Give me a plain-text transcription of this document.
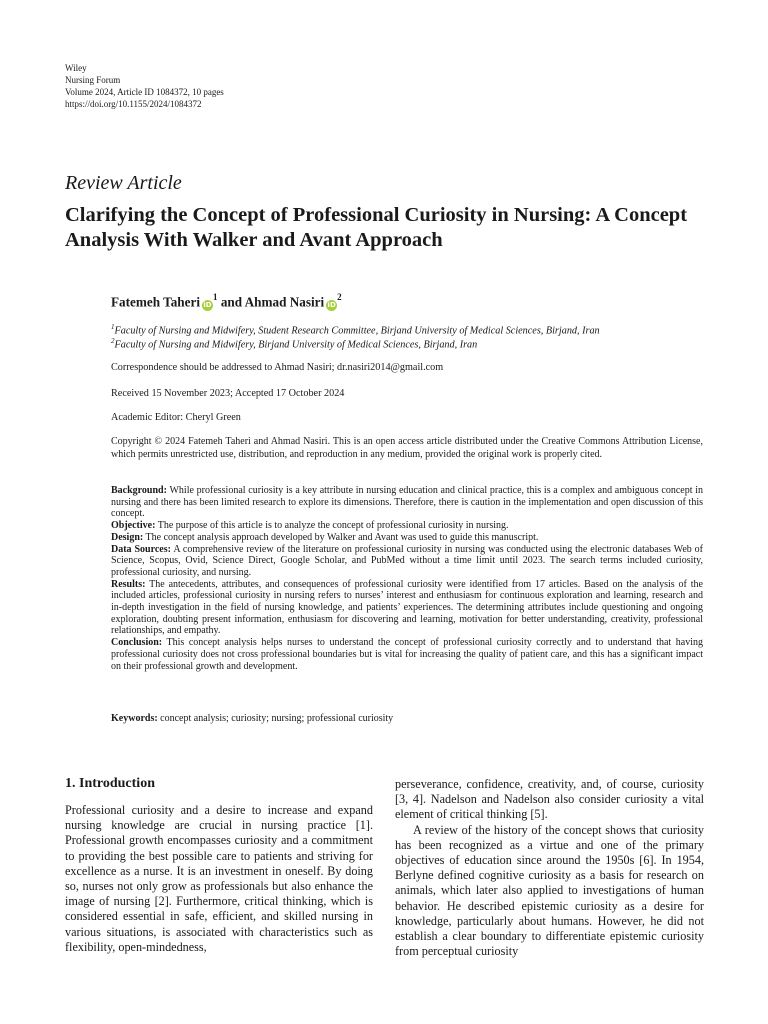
Wiley
Nursing Forum
Volume 2024, Article ID 1084372, 10 pages
https://doi.org/10.1155/2024/1084372
Review Article
Clarifying the Concept of Professional Curiosity in Nursing: A Concept Analysis With Walker and Avant Approach
Fatemeh Taheri $iD^1$ and Ahmad Nasiri $iD^2$
$^1$Faculty of Nursing and Midwifery, Student Research Committee, Birjand University of Medical Sciences, Birjand, Iran
$^2$Faculty of Nursing and Midwifery, Birjand University of Medical Sciences, Birjand, Iran
Correspondence should be addressed to Ahmad Nasiri; dr.nasiri2014@gmail.com
Received 15 November 2023; Accepted 17 October 2024
Academic Editor: Cheryl Green
Copyright © 2024 Fatemeh Taheri and Ahmad Nasiri. This is an open access article distributed under the Creative Commons Attribution License, which permits unrestricted use, distribution, and reproduction in any medium, provided the original work is properly cited.

Background: While professional curiosity is a key attribute in nursing education and clinical practice, this is a complex and ambiguous concept in nursing and there has been limited research to explore its dimensions. Therefore, there is caution in the implementation and open discussion of this concept.

Objective: The purpose of this article is to analyze the concept of professional curiosity in nursing.

Design: The concept analysis approach developed by Walker and Avant was used to guide this manuscript.

Data Sources: A comprehensive review of the literature on professional curiosity in nursing was conducted using the electronic databases Web of Science, Scopus, Ovid, Science Direct, Google Scholar, and PubMed without a time limit until 2023. The search terms included curiosity, professional curiosity, and nursing.

Results: The antecedents, attributes, and consequences of professional curiosity were identified from 17 articles. Based on the analysis of the included articles, professional curiosity in nursing refers to nurses’ interest and enthusiasm for continuous exploration and learning, research and in-depth investigation in the field of nursing knowledge, and patients’ experiences. The determining attributes include questioning and ongoing exploration, doubting present information, enthusiasm for discovering and learning, motivation for better understanding, creativity, professional relationships, and empathy.

Conclusion: This concept analysis helps nurses to understand the concept of professional curiosity correctly and to understand that having professional curiosity does not cross professional boundaries but is vital for increasing the quality of patient care, and this has a significant impact on their professional growth and development.

Keywords: concept analysis; curiosity; nursing; professional curiosity
1. Introduction

Professional curiosity and a desire to increase and expand nursing knowledge are crucial in nursing practice [1]. Professional growth encompasses curiosity and a commitment to providing the best possible care to patients and striving for excellence as a nurse. It is an investment in oneself. By doing so, nurses not only grow as professionals but also enhance the image of nursing [2]. Furthermore, critical thinking, which is considered essential in safe, efficient, and skilled nursing in various situations, is associated with characteristics such as flexibility, open-mindedness,

perseverance, confidence, creativity, and, of course, curiosity [3, 4]. Nadelson and Nadelson also consider curiosity a vital element of critical thinking [5].

A review of the history of the concept shows that curiosity has been recognized as a virtue and one of the primary objectives of education since around the 1950s [6]. In 1954, Berlyne defined cognitive curiosity as a basis for research on animals, which later also applied to investigations of human behavior. He described epistemic curiosity as a desire for knowledge, particularly about humans. However, he did not establish a clear boundary to differentiate epistemic curiosity from perceptual curiosity
